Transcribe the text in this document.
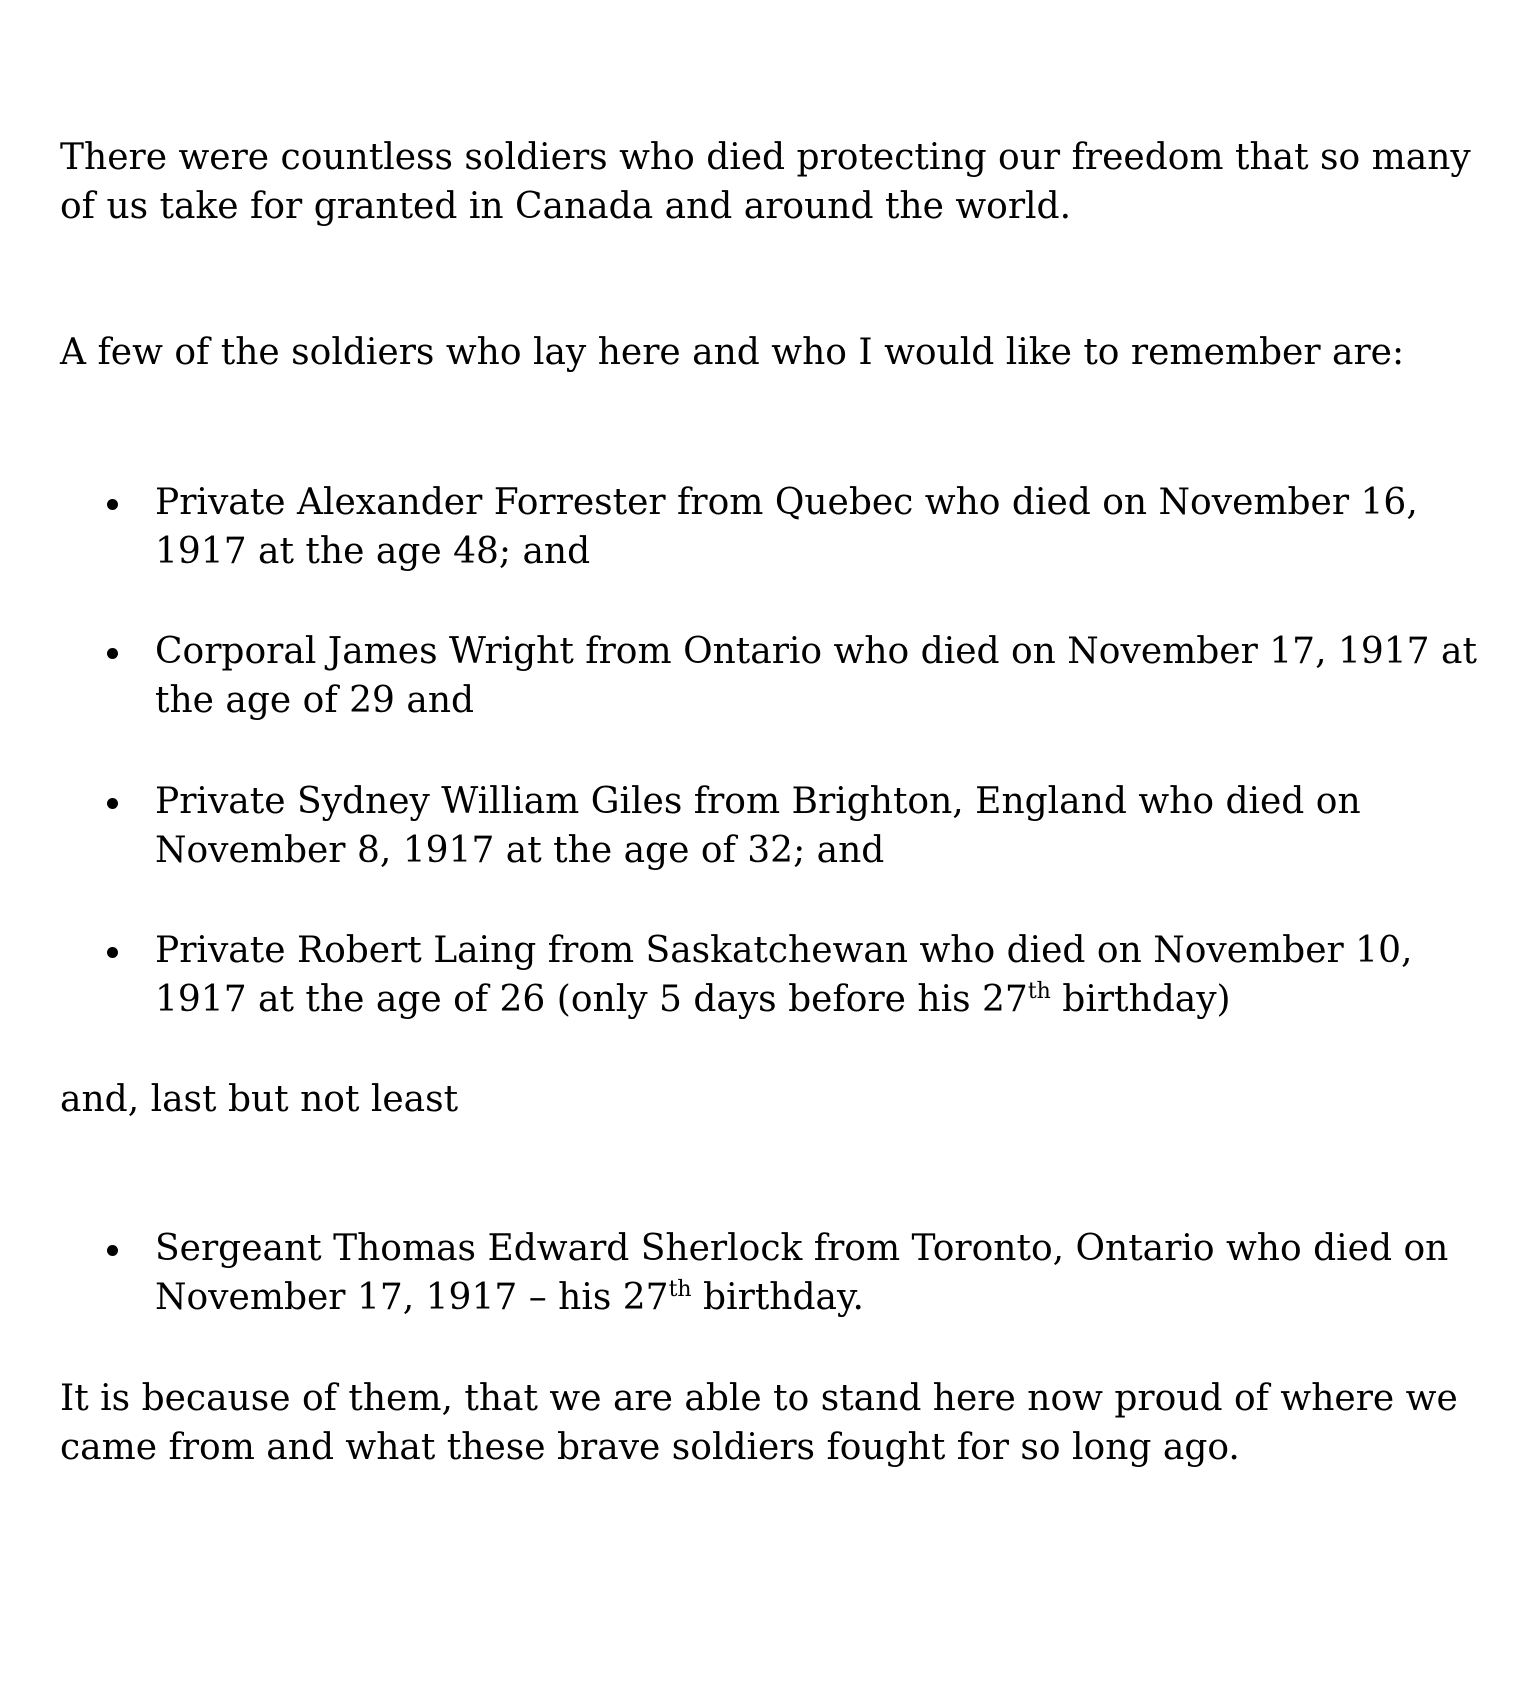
There were countless soldiers who died protecting our freedom that so many of us take for granted in Canada and around the world.

A few of the soldiers who lay here and who I would like to remember are:

Private Alexander Forrester from Quebec who died on November 16, 1917 at the age 48; and

Corporal James Wright from Ontario who died on November 17, 1917 at the age of 29 and

Private Sydney William Giles from Brighton, England who died on November 8, 1917 at the age of 32; and

Private Robert Laing from Saskatchewan who died on November 10, 1917 at the age of 26 (only 5 days before his 27th birthday)

and, last but not least

Sergeant Thomas Edward Sherlock from Toronto, Ontario who died on November 17, 1917 – his 27th birthday.

It is because of them, that we are able to stand here now proud of where we came from and what these brave soldiers fought for so long ago.
